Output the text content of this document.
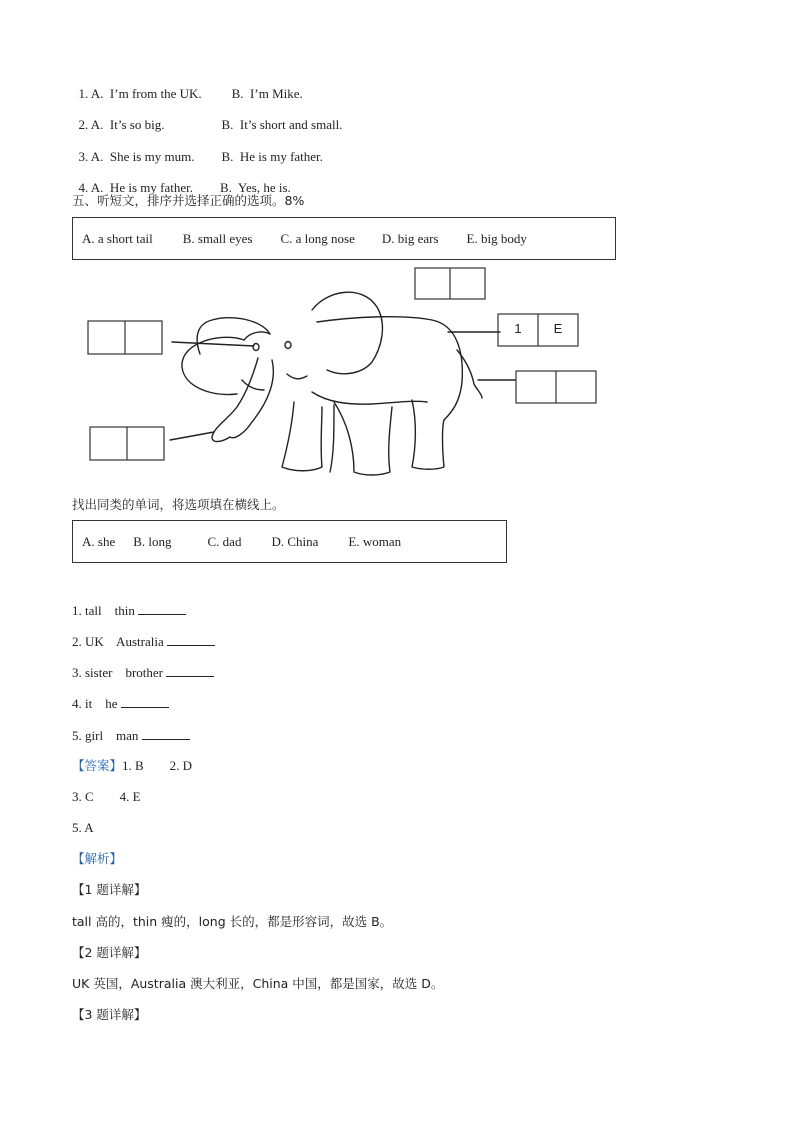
1. A.  I’m from the UK. B.  I’m Mike.

2. A.  It’s so big.	B.  It’s short and small.

3. A.  She is my mum. B.  He is my father.

4. A.  He is my father. B.  Yes, he is.

五、听短文，排序并选择正确的选项。8%
A. a short tail B. small eyes C. a long nose D. big ears E. big body
1	E
找出同类的单词，将选项填在横线上。
A. she B. long	C. dad D. China E. woman
1. tall    thin
2. UK    Australia
3. sister    brother
4. it    he
5. girl    man
【答案】1. B        2. D
3. C        4. E
5. A
【解析】
【1 题详解】
tall 高的，thin 瘦的，long 长的，都是形容词，故选 B。
【2 题详解】
UK 英国，Australia 澳大利亚，China 中国，都是国家，故选 D。
【3 题详解】
